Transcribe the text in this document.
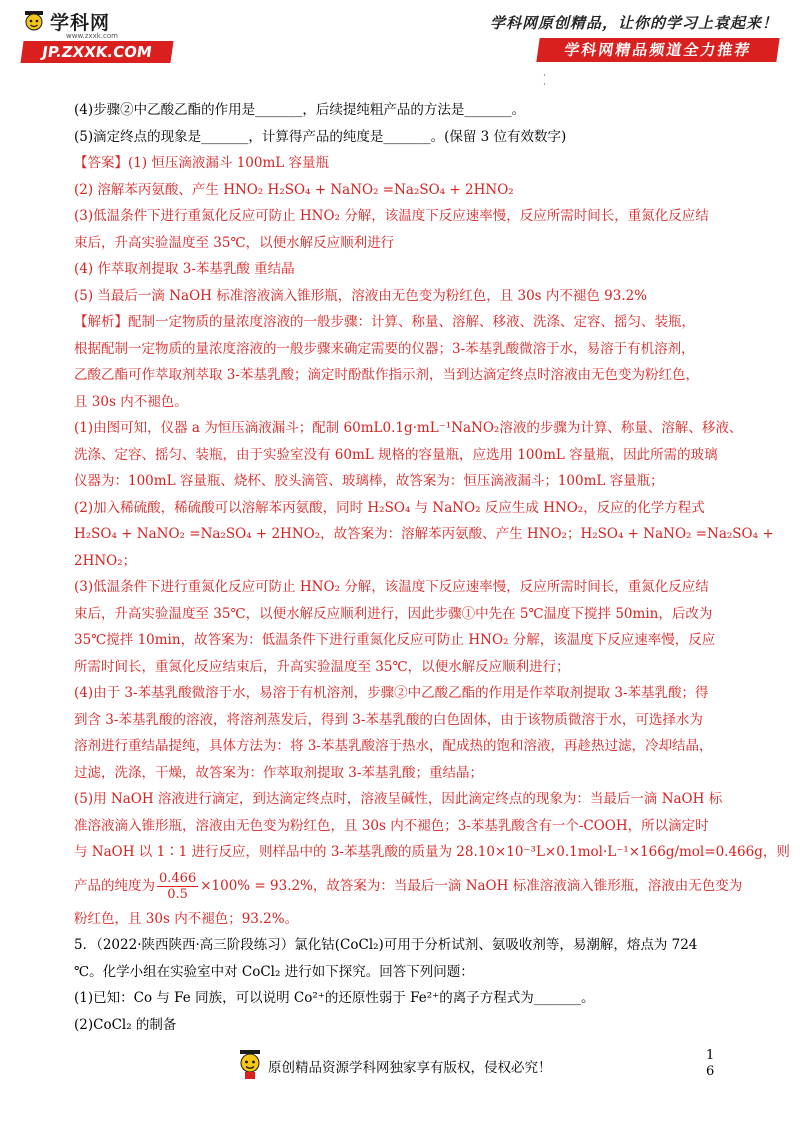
学科网
www.zxxk.com
JP.ZXXK.COM
学科网原创精品，让你的学习上袁起来！
学科网精品频道全力推荐
·
·
(4)步骤②中乙酸乙酯的作用是_______，后续提纯粗产品的方法是_______。
(5)滴定终点的现象是_______，计算得产品的纯度是_______。(保留 3 位有效数字)
【答案】(1) 恒压滴液漏斗 100mL 容量瓶
(2) 溶解苯丙氨酸、产生 HNO₂ H₂SO₄ + NaNO₂ =Na₂SO₄ + 2HNO₂
(3)低温条件下进行重氮化反应可防止 HNO₂ 分解，该温度下反应速率慢，反应所需时间长，重氮化反应结
束后，升高实验温度至 35℃，以便水解反应顺利进行
(4) 作萃取剂提取 3-苯基乳酸 重结晶
(5) 当最后一滴 NaOH 标准溶液滴入锥形瓶，溶液由无色变为粉红色，且 30s 内不褪色 93.2%
【解析】配制一定物质的量浓度溶液的一般步骤：计算、称量、溶解、移液、洗涤、定容、摇匀、装瓶，
根据配制一定物质的量浓度溶液的一般步骤来确定需要的仪器；3-苯基乳酸微溶于水，易溶于有机溶剂，
乙酸乙酯可作萃取剂萃取 3-苯基乳酸；滴定时酚酞作指示剂，当到达滴定终点时溶液由无色变为粉红色，
且 30s 内不褪色。
(1)由图可知，仪器 a 为恒压滴液漏斗；配制 60mL0.1g·mL⁻¹NaNO₂溶液的步骤为计算、称量、溶解、移液、
洗涤、定容、摇匀、装瓶，由于实验室没有 60mL 规格的容量瓶，应选用 100mL 容量瓶，因此所需的玻璃
仪器为：100mL 容量瓶、烧杯、胶头滴管、玻璃棒，故答案为：恒压滴液漏斗；100mL 容量瓶；
(2)加入稀硫酸，稀硫酸可以溶解苯丙氨酸，同时 H₂SO₄ 与 NaNO₂ 反应生成 HNO₂，反应的化学方程式
H₂SO₄ + NaNO₂ =Na₂SO₄ + 2HNO₂，故答案为：溶解苯丙氨酸、产生 HNO₂；H₂SO₄ + NaNO₂ =Na₂SO₄ +
2HNO₂；
(3)低温条件下进行重氮化反应可防止 HNO₂ 分解，该温度下反应速率慢，反应所需时间长，重氮化反应结
束后，升高实验温度至 35℃，以便水解反应顺利进行，因此步骤①中先在 5℃温度下搅拌 50min，后改为
35℃搅拌 10min，故答案为：低温条件下进行重氮化反应可防止 HNO₂ 分解，该温度下反应速率慢，反应
所需时间长，重氮化反应结束后，升高实验温度至 35℃，以便水解反应顺利进行；
(4)由于 3-苯基乳酸微溶于水，易溶于有机溶剂，步骤②中乙酸乙酯的作用是作萃取剂提取 3-苯基乳酸；得
到含 3-苯基乳酸的溶液，将溶剂蒸发后，得到 3-苯基乳酸的白色固体，由于该物质微溶于水，可选择水为
溶剂进行重结晶提纯，具体方法为：将 3-苯基乳酸溶于热水，配成热的饱和溶液，再趁热过滤，冷却结晶，
过滤，洗涤，干燥，故答案为：作萃取剂提取 3-苯基乳酸；重结晶；
(5)用 NaOH 溶液进行滴定，到达滴定终点时，溶液呈碱性，因此滴定终点的现象为：当最后一滴 NaOH 标
准溶液滴入锥形瓶，溶液由无色变为粉红色，且 30s 内不褪色；3-苯基乳酸含有一个-COOH，所以滴定时
与 NaOH 以 1∶1 进行反应，则样品中的 3-苯基乳酸的质量为 28.10×10⁻³L×0.1mol·L⁻¹×166g/mol=0.466g，则
产品的纯度为 $\frac{0.466}{0.5} \times 100\% = 93.2\%$，故答案为：当最后一滴 NaOH 标准溶液滴入锥形瓶，溶液由无色变为
粉红色，且 30s 内不褪色；93.2%。
5．（2022·陕西陕西·高三阶段练习）氯化钴(CoCl₂)可用于分析试剂、氨吸收剂等，易潮解，熔点为 724
℃。化学小组在实验室中对 CoCl₂ 进行如下探究。回答下列问题：
(1)已知：Co 与 Fe 同族，可以说明 Co²⁺的还原性弱于 Fe²⁺的离子方程式为_______。
(2)CoCl₂ 的制备
原创精品资源学科网独家享有版权，侵权必究！
1
6
